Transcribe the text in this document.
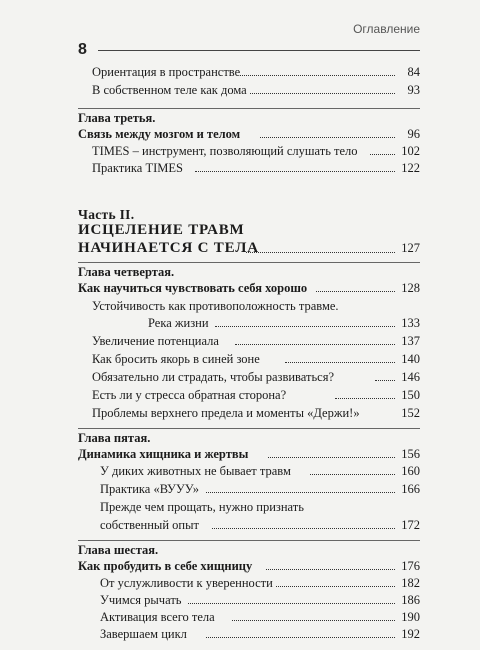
Оглавление
8
Ориентация в пространстве	84
В собственном теле как дома	93
Глава третья.
Связь между мозгом и телом	96
TIMES – инструмент, позволяющий слушать тело	102
Практика TIMES	122
Часть II.
ИСЦЕЛЕНИЕ ТРАВМ
НАЧИНАЕТСЯ С ТЕЛА	127
Глава четвертая.
Как научиться чувствовать себя хорошо	128
Устойчивость как противоположность травме.
Река жизни	133
Увеличение потенциала	137
Как бросить якорь в синей зоне	140
Обязательно ли страдать, чтобы развиваться?	146
Есть ли у стресса обратная сторона?	150
Проблемы верхнего предела и моменты «Держи!»	152
Глава пятая.
Динамика хищника и жертвы	156
У диких животных не бывает травм	160
Практика «ВУУУ»	166
Прежде чем прощать, нужно признать
собственный опыт	172
Глава шестая.
Как пробудить в себе хищницу	176
От услужливости к уверенности	182
Учимся рычать	186
Активация всего тела	190
Завершаем цикл	192
